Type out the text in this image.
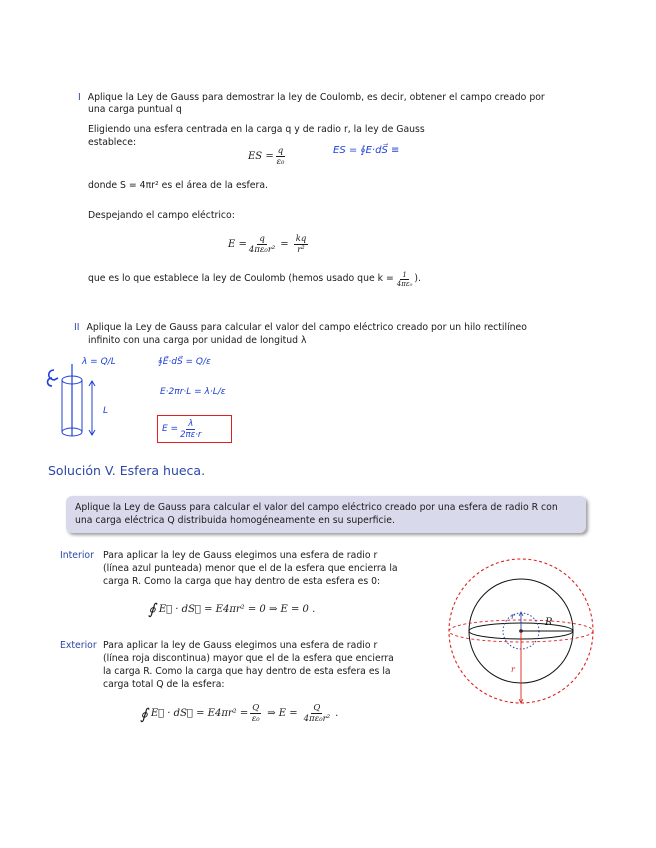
I Aplique la Ley de Gauss para demostrar la ley de Coulomb, es decir, obtener el campo creado por
una carga puntual q
Eligiendo una esfera centrada en la carga q y de radio r, la ley de Gauss
establece:
ES = $\frac{q}{\text{ε₀}}$	ES = ∮E·dS⃗ ≡
donde S = 4πr² es el área de la esfera.
Despejando el campo eléctrico:
$E = \frac{q}{\text{4πε₀r²}} = \frac{kq}{\text{r²}}$
que es lo que establece la ley de Coulomb (hemos usado que $k = \frac{1}{\text{4πε₀}}$ ).
II Aplique la Ley de Gauss para calcular el valor del campo eléctrico creado por un hilo rectilíneo
infinito con una carga por unidad de longitud λ
λ = Q/L
L
∮E⃗·dS⃗ = Q/ε
E·2πr·L = λ·L/ε
$E = \frac{\lambda}{2\pi\varepsilon\cdot r}$
Solución V. Esfera hueca.
Aplique la Ley de Gauss para calcular el valor del campo eléctrico creado por una esfera de radio R con
una carga eléctrica Q distribuida homogéneamente en su superficie.
Interior Para aplicar la ley de Gauss elegimos una esfera de radio r
(línea azul punteada) menor que el de la esfera que encierra la
carga R. Como la carga que hay dentro de esta esfera es 0:
∮ E⃗ · dS⃗ = E4πr² = 0 ⇒ E = 0 .
Exterior Para aplicar la ley de Gauss elegimos una esfera de radio r
(línea roja discontinua) mayor que el de la esfera que encierra
la carga R. Como la carga que hay dentro de esta esfera es la
carga total Q de la esfera:
∮ E⃗ · dS⃗ = $E4\pi r^2 = \frac{Q}{\text{ε₀}}$ ⇒ $E = \frac{Q}{\text{4πε₀r²}}$ .
R
r
r
